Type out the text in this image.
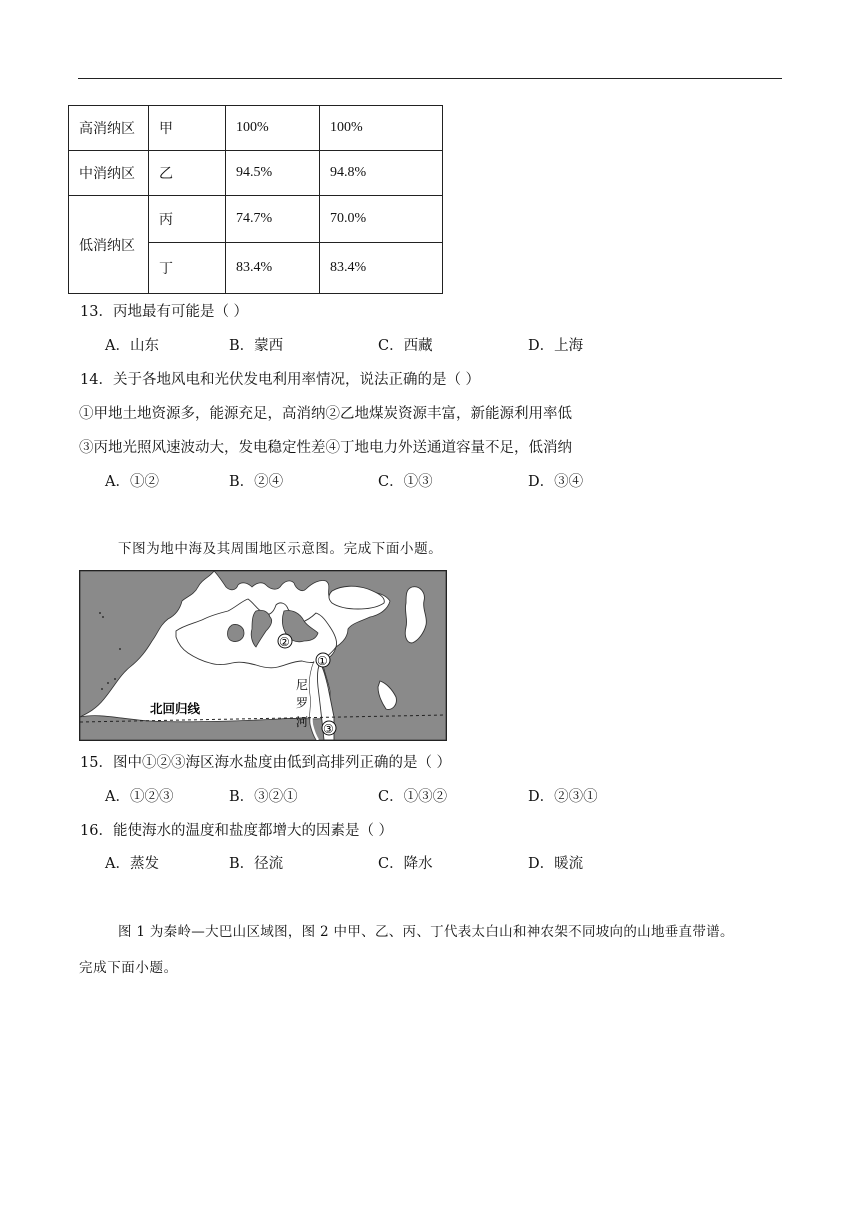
高消纳区	甲	100%	100%
中消纳区	乙	94.5%	94.8%
低消纳区	丙	74.7%	70.0%
	丁	83.4%	83.4%
13．丙地最有可能是（ ）
A．山东	B．蒙西	C．西藏	D．上海
14．关于各地风电和光伏发电利用率情况，说法正确的是（ ）
①甲地土地资源多，能源充足，高消纳②乙地煤炭资源丰富，新能源利用率低
③丙地光照风速波动大，发电稳定性差④丁地电力外送通道容量不足，低消纳
A．①②	B．②④	C．①③	D．③④
下图为地中海及其周围地区示意图。完成下面小题。
北回归线
尼
罗
河
①
②
③
15．图中①②③海区海水盐度由低到高排列正确的是（ ）
A．①②③	B．③②①	C．①③②	D．②③①
16．能使海水的温度和盐度都增大的因素是（ ）
A．蒸发	B．径流	C．降水	D．暖流
图 1 为秦岭—大巴山区域图，图 2 中甲、乙、丙、丁代表太白山和神农架不同坡向的山地垂直带谱。
完成下面小题。
